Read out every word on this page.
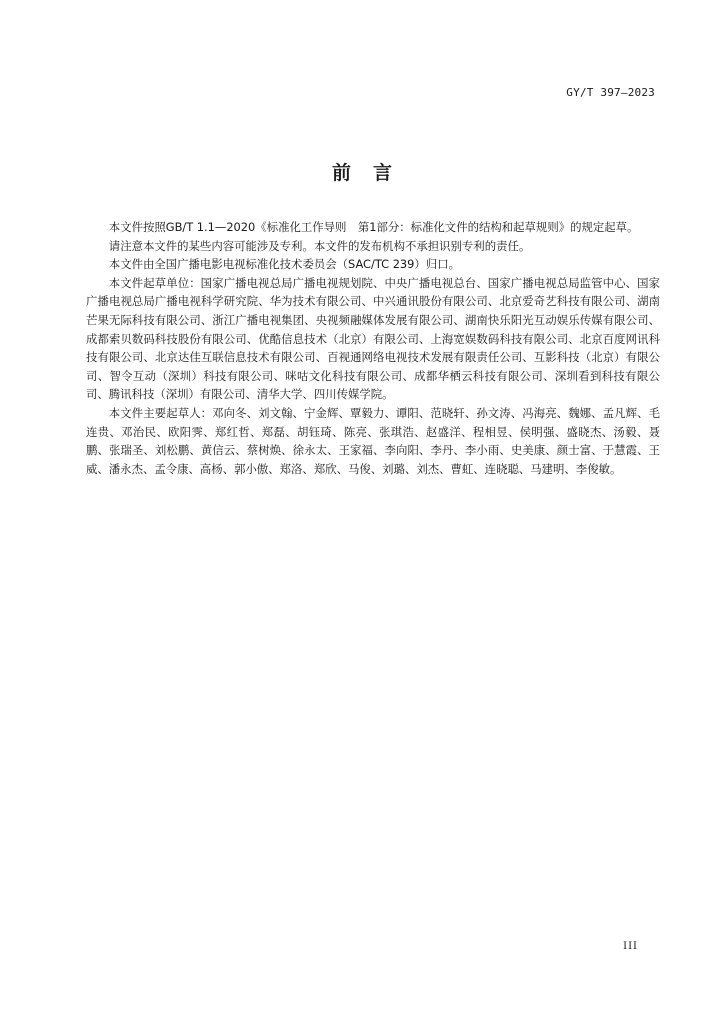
GY/T 397—2023
前言

本文件按照GB/T 1.1—2020《标准化工作导则　第1部分：标准化文件的结构和起草规则》的规定起草。

请注意本文件的某些内容可能涉及专利。本文件的发布机构不承担识别专利的责任。

本文件由全国广播电影电视标准化技术委员会（SAC/TC 239）归口。

本文件起草单位：国家广播电视总局广播电视规划院、中央广播电视总台、国家广播电视总局监管中心、国家广播电视总局广播电视科学研究院、华为技术有限公司、中兴通讯股份有限公司、北京爱奇艺科技有限公司、湖南芒果无际科技有限公司、浙江广播电视集团、央视频融媒体发展有限公司、湖南快乐阳光互动娱乐传媒有限公司、成都索贝数码科技股份有限公司、优酷信息技术（北京）有限公司、上海宽娱数码科技有限公司、北京百度网讯科技有限公司、北京达佳互联信息技术有限公司、百视通网络电视技术发展有限责任公司、互影科技（北京）有限公司、智令互动（深圳）科技有限公司、咪咕文化科技有限公司、成都华栖云科技有限公司、深圳看到科技有限公司、腾讯科技（深圳）有限公司、清华大学、四川传媒学院。

本文件主要起草人：邓向冬、刘文翰、宁金辉、覃毅力、谭阳、范晓轩、孙文涛、冯海亮、魏娜、孟凡辉、毛连贵、邓治民、欧阳霁、郑红哲、郑磊、胡钰琦、陈亮、张琪浩、赵盛洋、程相昱、侯明强、盛晓杰、汤毅、聂鹏、张瑞圣、刘松鹏、黄信云、蔡树焕、徐永太、王家福、李向阳、李丹、李小雨、史美康、颜士富、于慧霞、王威、潘永杰、孟令康、高杨、郭小傲、郑洛、郑欣、马俊、刘璐、刘杰、曹虹、连晓聪、马建明、李俊敏。

III
